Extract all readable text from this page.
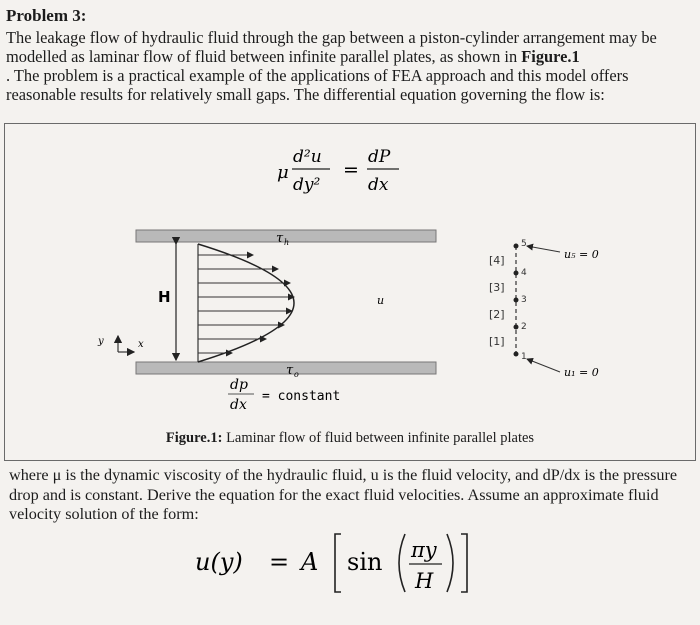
Problem 3:
The leakage flow of hydraulic fluid through the gap between a piston-cylinder arrangement may be modelled as laminar flow of fluid between infinite parallel plates, as shown in Figure.1
. The problem is a practical example of the applications of FEA approach and this model offers reasonable results for relatively small gaps. The differential equation governing the flow is:
μ
d²u
dy²
=
dP
dx
τ h
τ o
u
H
y	x
dp
dx
= constant
5
4
3
2
1
[4]
[3]
[2]
[1]
u₅ = 0
u₁ = 0
Figure.1: Laminar flow of fluid between infinite parallel plates
where μ is the dynamic viscosity of the hydraulic fluid, u is the fluid velocity, and dP/dx is the pressure drop and is constant. Derive the equation for the exact fluid velocities. Assume an approximate fluid velocity solution of the form:
u(y) = A sin πy
H
